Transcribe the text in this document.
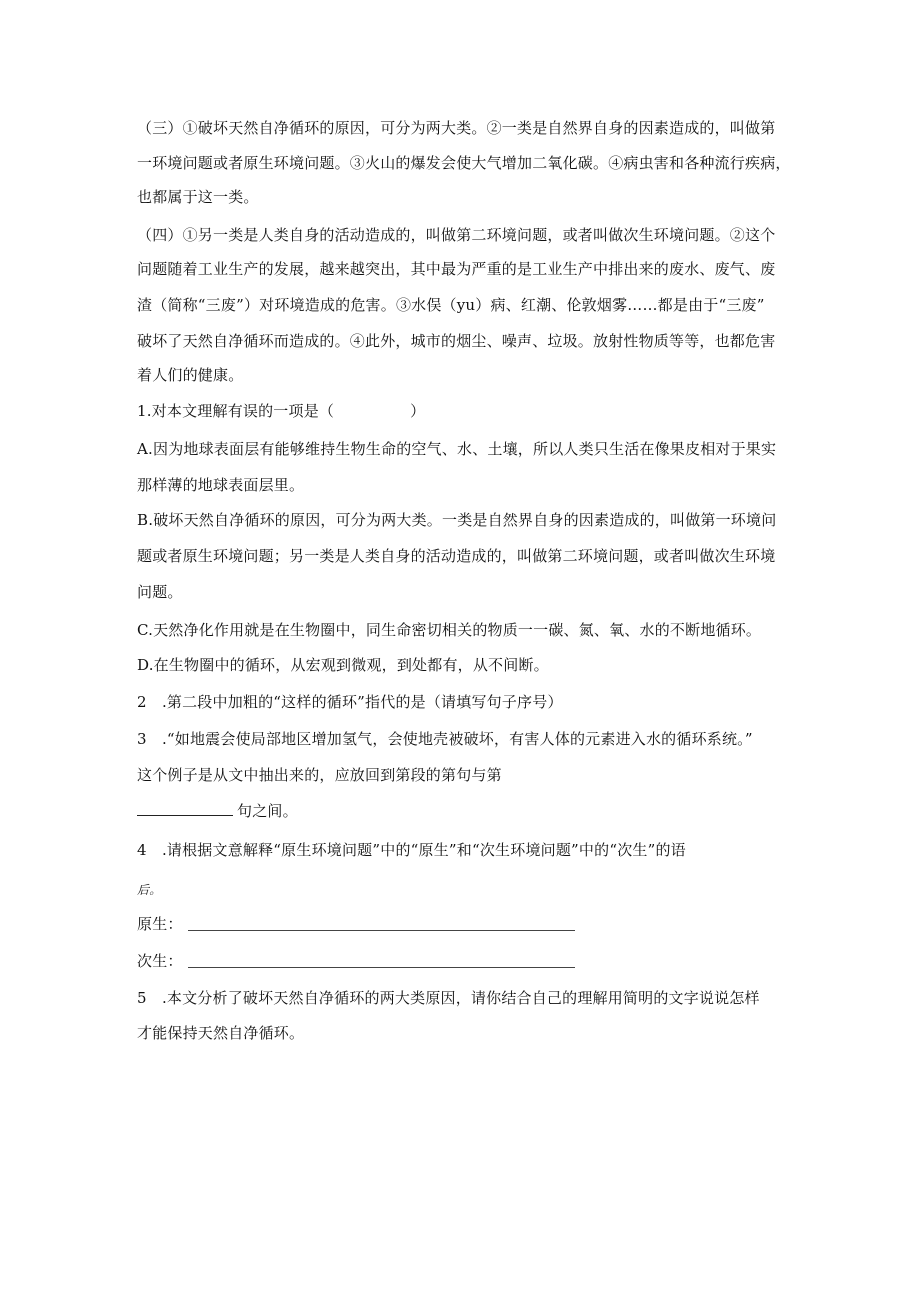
（三）①破坏天然自净循环的原因，可分为两大类。②一类是自然界自身的因素造成的，叫做第
一环境问题或者原生环境问题。③火山的爆发会使大气增加二氧化碳。④病虫害和各种流行疾病，
也都属于这一类。
（四）①另一类是人类自身的活动造成的，叫做第二环境问题，或者叫做次生环境问题。②这个
问题随着工业生产的发展，越来越突出，其中最为严重的是工业生产中排出来的废水、废气、废
渣（简称“三废”）对环境造成的危害。③水俣（yu）病、红潮、伦敦烟雾……都是由于“三废”
破坏了天然自净循环而造成的。④此外，城市的烟尘、噪声、垃圾。放射性物质等等，也都危害
着人们的健康。
1.对本文理解有误的一项是（　　　　　）
A.因为地球表面层有能够维持生物生命的空气、水、土壤，所以人类只生活在像果皮相对于果实
那样薄的地球表面层里。
B.破坏天然自净循环的原因，可分为两大类。一类是自然界自身的因素造成的，叫做第一环境问
题或者原生环境问题；另一类是人类自身的活动造成的，叫做第二环境问题，或者叫做次生环境
问题。
C.天然净化作用就是在生物圈中，同生命密切相关的物质一一碳、氮、氧、水的不断地循环。
D.在生物圈中的循环，从宏观到微观，到处都有，从不间断。
2　.第二段中加粗的“这样的循环”指代的是（请填写句子序号）
3　.“如地震会使局部地区增加氢气，会使地壳被破坏，有害人体的元素进入水的循环系统。”
这个例子是从文中抽出来的，应放回到第段的第句与第
句之间。
4　.请根据文意解释“原生环境问题”中的“原生”和“次生环境问题”中的“次生”的语
后。
原生：
次生：
5　.本文分析了破坏天然自净循环的两大类原因，请你结合自己的理解用简明的文字说说怎样
才能保持天然自净循环。
